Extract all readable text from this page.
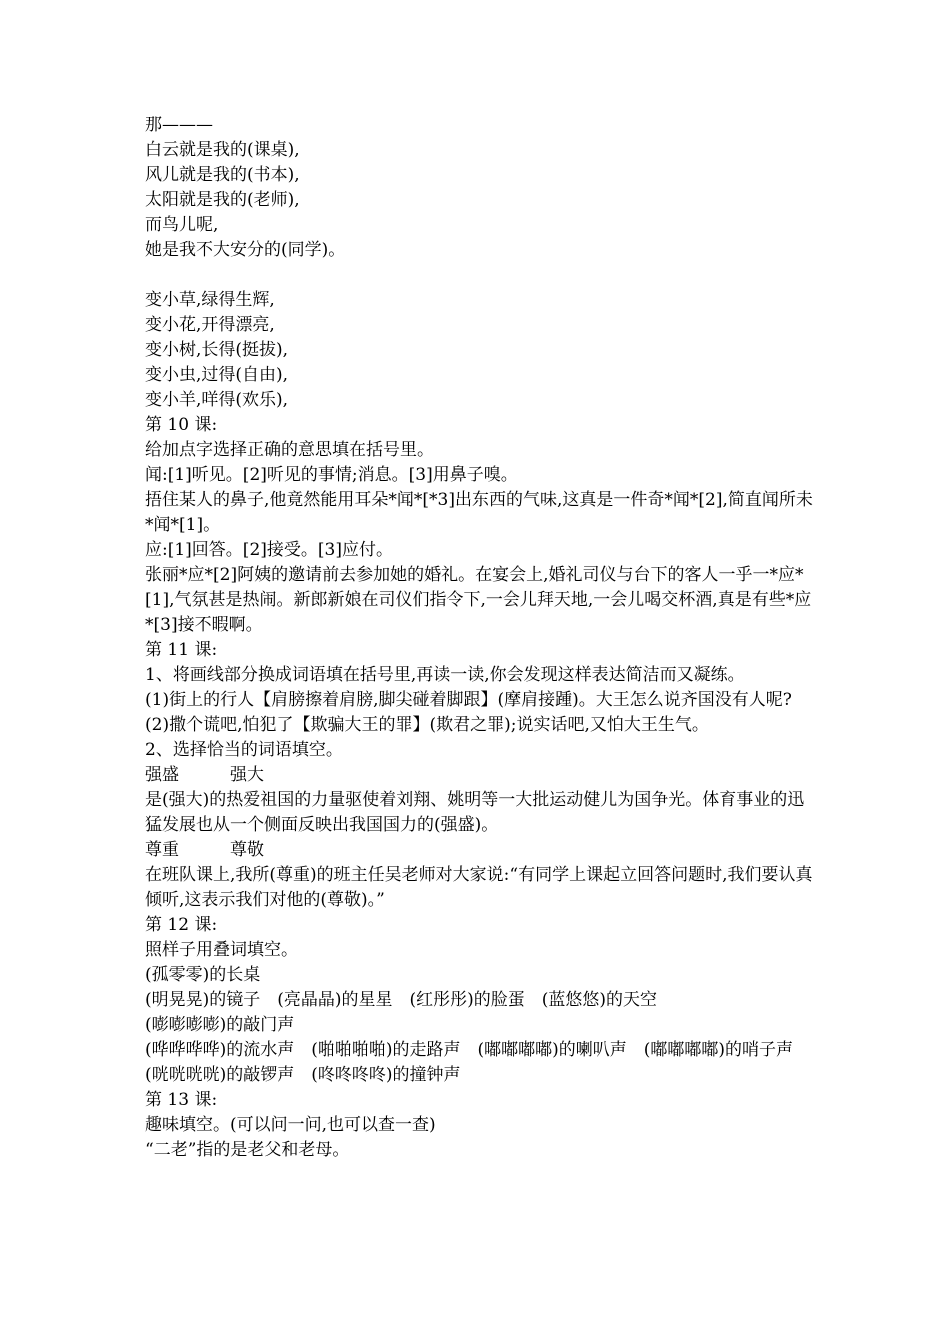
那———
白云就是我的(课桌),
风儿就是我的(书本),
太阳就是我的(老师),
而鸟儿呢,
她是我不大安分的(同学)。
变小草,绿得生辉,
变小花,开得漂亮,
变小树,长得(挺拔),
变小虫,过得(自由),
变小羊,咩得(欢乐),
第 10 课:
给加点字选择正确的意思填在括号里。
闻:[1]听见。[2]听见的事情;消息。[3]用鼻子嗅。
捂住某人的鼻子,他竟然能用耳朵*闻*[*3]出东西的气味,这真是一件奇*闻*[2],简直闻所未*闻*[1]。
应:[1]回答。[2]接受。[3]应付。
张丽*应*[2]阿姨的邀请前去参加她的婚礼。在宴会上,婚礼司仪与台下的客人一乎一*应*[1],气氛甚是热闹。新郎新娘在司仪们指令下,一会儿拜天地,一会儿喝交杯酒,真是有些*应*[3]接不暇啊。
第 11 课:
1、将画线部分换成词语填在括号里,再读一读,你会发现这样表达简洁而又凝练。
(1)街上的行人【肩膀擦着肩膀,脚尖碰着脚跟】(摩肩接踵)。大王怎么说齐国没有人呢?
(2)撒个谎吧,怕犯了【欺骗大王的罪】(欺君之罪);说实话吧,又怕大王生气。
2、选择恰当的词语填空。
强盛　　　强大
是(强大)的热爱祖国的力量驱使着刘翔、姚明等一大批运动健儿为国争光。体育事业的迅猛发展也从一个侧面反映出我国国力的(强盛)。
尊重　　　尊敬
在班队课上,我所(尊重)的班主任吴老师对大家说:“有同学上课起立回答问题时,我们要认真倾听,这表示我们对他的(尊敬)。”
第 12 课:
照样子用叠词填空。
(孤零零)的长桌
(明晃晃)的镜子　(亮晶晶)的星星　(红彤彤)的脸蛋　(蓝悠悠)的天空
(嘭嘭嘭嘭)的敲门声
(哗哗哗哗)的流水声　(啪啪啪啪)的走路声　(嘟嘟嘟嘟)的喇叭声　(嘟嘟嘟嘟)的哨子声
(咣咣咣咣)的敲锣声　(咚咚咚咚)的撞钟声
第 13 课:
趣味填空。(可以问一问,也可以查一查)
“二老”指的是老父和老母。
